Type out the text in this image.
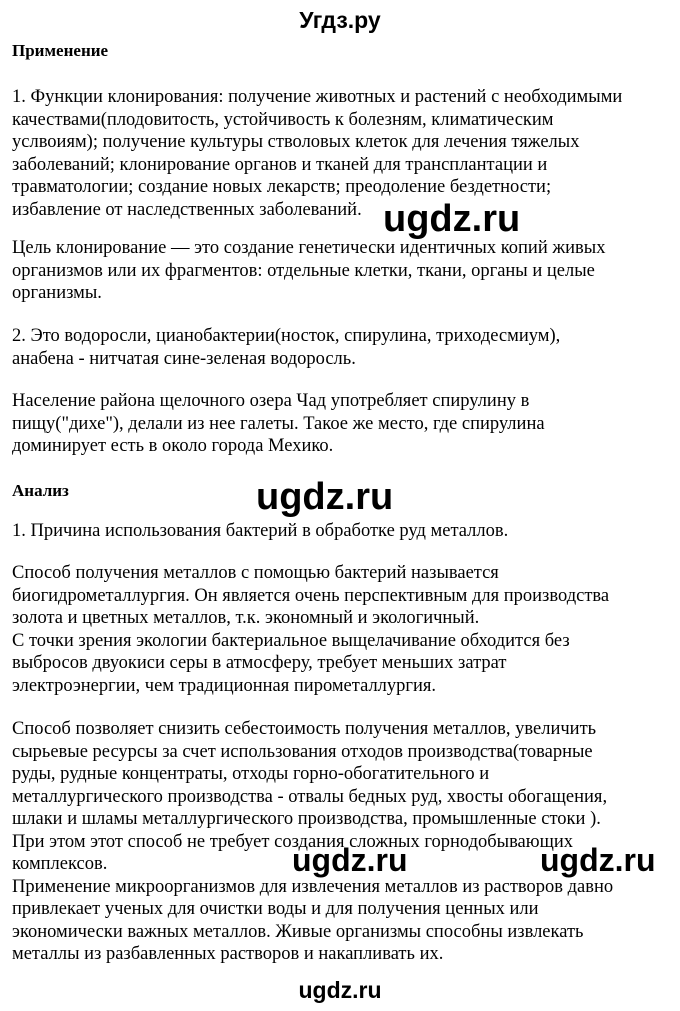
Угдз.ру
Применение

1. Функции клонирования: получение животных и растений с необходимыми
качествами(плодовитость, устойчивость к болезням, климатическим
услвоиям); получение культуры стволовых клеток для лечения тяжелых
заболеваний; клонирование органов и тканей для трансплантации и
травматологии; создание новых лекарств; преодоление бездетности;
избавление от наследственных заболеваний.

Цель клонирование — это создание генетически идентичных копий живых
организмов или их фрагментов: отдельные клетки, ткани, органы и целые
организмы.

2. Это водоросли, цианобактерии(носток, спирулина, триходесмиум),
анабена - нитчатая сине-зеленая водоросль.

Население района щелочного озера Чад употребляет спирулину в
пищу("дихе"), делали из нее галеты. Такое же место, где спирулина
доминирует есть в около города Мехико.

Анализ

1. Причина использования бактерий в обработке руд металлов.

Способ получения металлов с помощью бактерий называется
биогидрометаллургия. Он является очень перспективным для производства
золота и цветных металлов, т.к. экономный и экологичный.
С точки зрения экологии бактериальное выщелачивание обходится без
выбросов двуокиси серы в атмосферу, требует меньших затрат
электроэнергии, чем традиционная пирометаллургия.

Способ позволяет снизить себестоимость получения металлов, увеличить
сырьевые ресурсы за счет использования отходов производства(товарные
руды, рудные концентраты, отходы горно-обогатительного и
металлургического производства - отвалы бедных руд, хвосты обогащения,
шлаки и шламы металлургического производства, промышленные стоки ).
При этом этот способ не требует создания сложных горнодобывающих
комплексов.
Применение микроорганизмов для извлечения металлов из растворов давно
привлекает ученых для очистки воды и для получения ценных или
экономически важных металлов. Живые организмы способны извлекать
металлы из разбавленных растворов и накапливать их.

ugdz.ru
ugdz.ru
ugdz.ru	ugdz.ru
ugdz.ru
